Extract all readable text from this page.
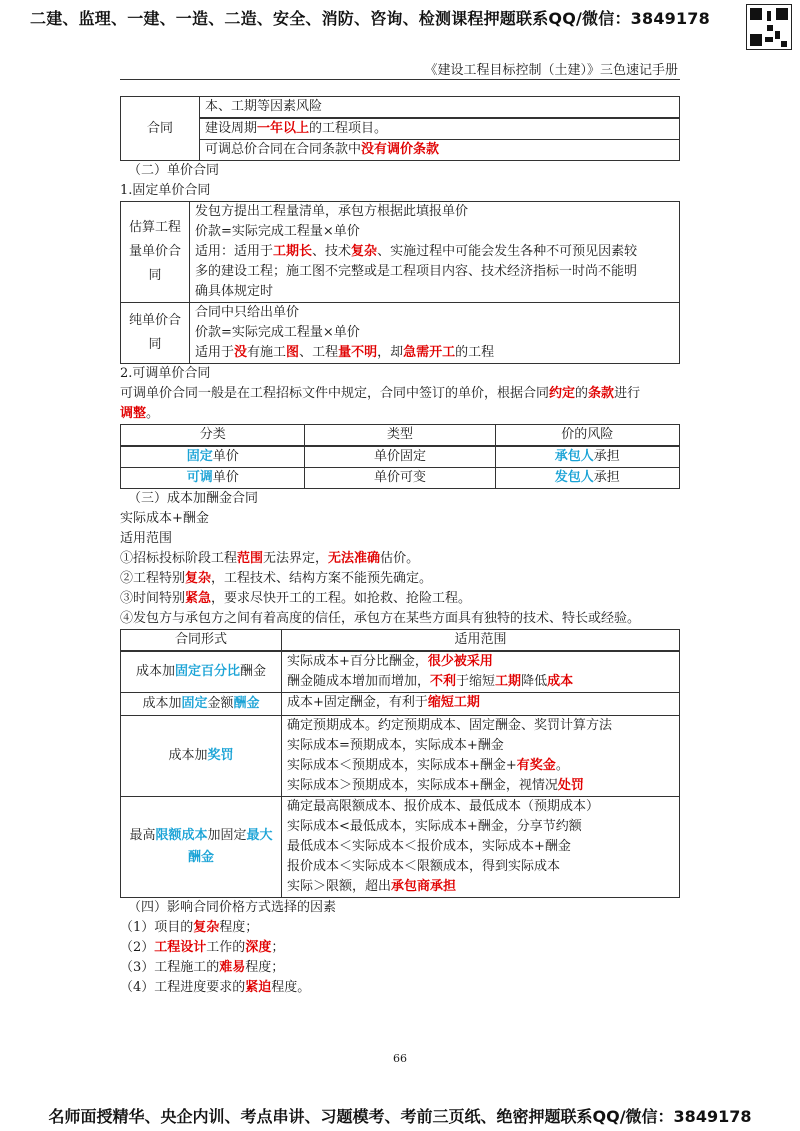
二建、监理、一建、一造、二造、安全、消防、咨询、检测课程押题联系QQ/微信：3849178
《建设工程目标控制（土建）》三色速记手册
合同	本、工期等因素风险
建设周期一年以上的工程项目。
可调总价合同在合同条款中没有调价条款
（二）单价合同
1.固定单价合同
估算工程量单价合同	发包方提出工程量清单，承包方根据此填报单价
价款=实际完成工程量×单价
适用：适用于工期长、技术复杂、实施过程中可能会发生各种不可预见因素较
多的建设工程；施工图不完整或是工程项目内容、技术经济指标一时尚不能明
确具体规定时

纯单价合同	合同中只给出单价
价款=实际完成工程量×单价
适用于没有施工图、工程量不明，却急需开工的工程
2.可调单价合同
可调单价合同一般是在工程招标文件中规定，合同中签订的单价，根据合同约定的条款进行
调整。
分类	类型	价的风险
固定单价	单价固定	承包人承担
可调单价	单价可变	发包人承担
（三）成本加酬金合同
实际成本+酬金
适用范围
①招标投标阶段工程范围无法界定，无法准确估价。
②工程特别复杂，工程技术、结构方案不能预先确定。
③时间特别紧急，要求尽快开工的工程。如抢救、抢险工程。
④发包方与承包方之间有着高度的信任，承包方在某些方面具有独特的技术、特长或经验。
合同形式	适用范围
成本加固定百分比酬金	实际成本+百分比酬金，很少被采用
酬金随成本增加而增加，不利于缩短工期降低成本

成本加固定金额酬金	成本+固定酬金，有利于缩短工期

成本加奖罚	确定预期成本。约定预期成本、固定酬金、奖罚计算方法
实际成本=预期成本，实际成本+酬金
实际成本＜预期成本，实际成本+酬金+有奖金。
实际成本＞预期成本，实际成本+酬金，视情况处罚

最高限额成本加固定最大酬金	确定最高限额成本、报价成本、最低成本（预期成本）
实际成本<最低成本，实际成本+酬金，分享节约额
最低成本＜实际成本＜报价成本，实际成本+酬金
报价成本＜实际成本＜限额成本，得到实际成本
实际＞限额，超出承包商承担
（四）影响合同价格方式选择的因素
（1）项目的复杂程度；
（2）工程设计工作的深度；
（3）工程施工的难易程度；
（4）工程进度要求的紧迫程度。
66
名师面授精华、央企内训、考点串讲、习题模考、考前三页纸、绝密押题联系QQ/微信：3849178
